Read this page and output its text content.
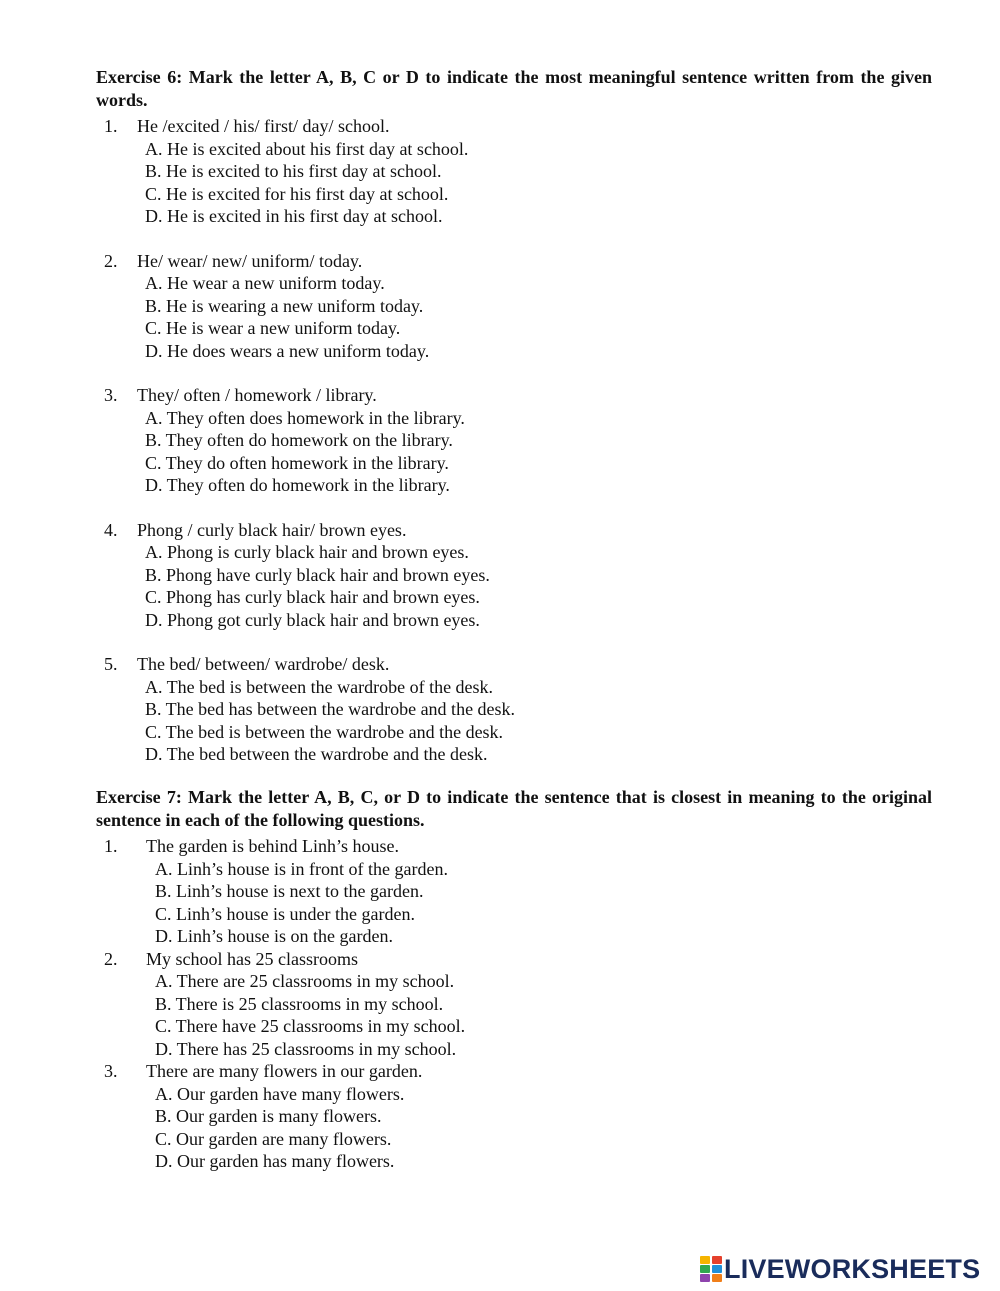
Exercise 6: Mark the letter A, B, C or D to indicate the most meaningful sentence written from the given words.

1. He /excited / his/ first/ day/ school.
A. He is excited about his first day at school.
B. He is excited to his first day at school.
C. He is excited for his first day at school.
D. He is excited in his first day at school.
2. He/ wear/ new/ uniform/ today.
A. He wear a new uniform today.
B. He is wearing a new uniform today.
C. He is wear a new uniform today.
D. He does wears a new uniform today.
3. They/ often / homework / library.
A. They often does homework in the library.
B. They often do homework on the library.
C. They do often homework in the library.
D. They often do homework in the library.
4. Phong / curly black hair/ brown eyes.
A. Phong is curly black hair and brown eyes.
B. Phong have curly black hair and brown eyes.
C. Phong has curly black hair and brown eyes.
D. Phong got curly black hair and brown eyes.
5. The bed/ between/ wardrobe/ desk.
A. The bed is between the wardrobe of the desk.
B. The bed has between the wardrobe and the desk.
C. The bed is between the wardrobe and the desk.
D. The bed between the wardrobe and the desk.

Exercise 7: Mark the letter A, B, C, or D to indicate the sentence that is closest in meaning to the original sentence in each of the following questions.

1. The garden is behind Linh’s house.
A. Linh’s house is in front of the garden.
B. Linh’s house is next to the garden.
C. Linh’s house is under the garden.
D. Linh’s house is on the garden.
2. My school has 25 classrooms
A. There are 25 classrooms in my school.
B. There is 25 classrooms in my school.
C. There have 25 classrooms in my school.
D. There has 25 classrooms in my school.
3. There are many flowers in our garden.
A. Our garden have many flowers.
B. Our garden is many flowers.
C. Our garden are many flowers.
D. Our garden has many flowers.
LIVEWORKSHEETS
